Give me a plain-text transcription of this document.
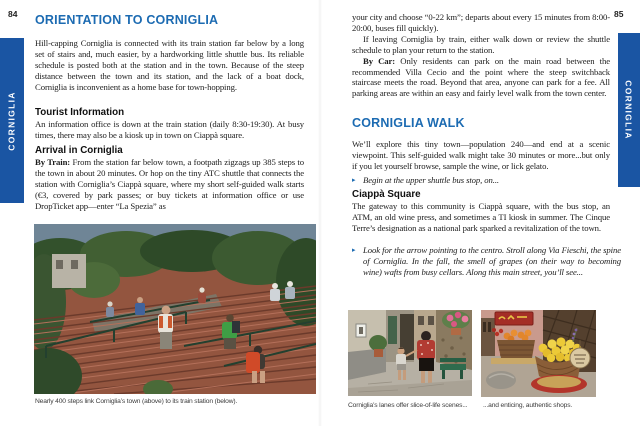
84
CORNIGLIA
ORIENTATION TO CORNIGLIA

Hill-capping Corniglia is connected with its train station far below by a long set of stairs and, much easier, by a hardworking little shuttle bus. Its reliable schedule is posted both at the station and in the town. Because of the steep distance between the town and its station, and the lack of a boat dock, Corniglia is inconvenient as a home base for town-hopping.

Tourist Information

An information office is down at the train station (daily 8:30-19:30). At busy times, there may also be a kiosk up in town on Ciappà square.

Arrival in Corniglia

By Train: From the station far below town, a footpath zigzags up 385 steps to the town in about 20 minutes. Or hop on the tiny ATC shuttle that connects the station with Corniglia’s Ciappà square, where my short self-guided walk starts (€3, covered by park passes; or buy tickets at information office or use DropTicket app—enter “La Spezia” as

Nearly 400 steps link Corniglia’s town (above) to its train station (below).
85
CORNIGLIA

your city and choose “0-22 km”; departs about every 15 minutes from 8:00-20:00, buses fill quickly).

If leaving Corniglia by train, either walk down or review the shuttle schedule to plan your return to the station.

By Car: Only residents can park on the main road between the recommended Villa Cecio and the point where the steep switchback staircase meets the road. Beyond that area, anyone can park for a fee. All parking areas are within an easy and fairly level walk from the town center.

CORNIGLIA WALK

We’ll explore this tiny town—population 240—and end at a scenic viewpoint. This self-guided walk might take 30 minutes or more...but only if you let yourself browse, sample the wine, or lick gelato.

▸ Begin at the upper shuttle bus stop, on...
Ciappà Square

The gateway to this community is Ciappà square, with the bus stop, an ATM, an old wine press, and sometimes a TI kiosk in summer. The Cinque Terre’s designation as a national park sparked a revitalization of the town.

▸ Look for the arrow pointing to the centro. Stroll along Via Fieschi, the spine of Corniglia. In the fall, the smell of grapes (on their way to becoming wine) wafts from busy cellars. Along this main street, you’ll see...
Corniglia’s lanes offer slice-of-life scenes... ...and enticing, authentic shops.
